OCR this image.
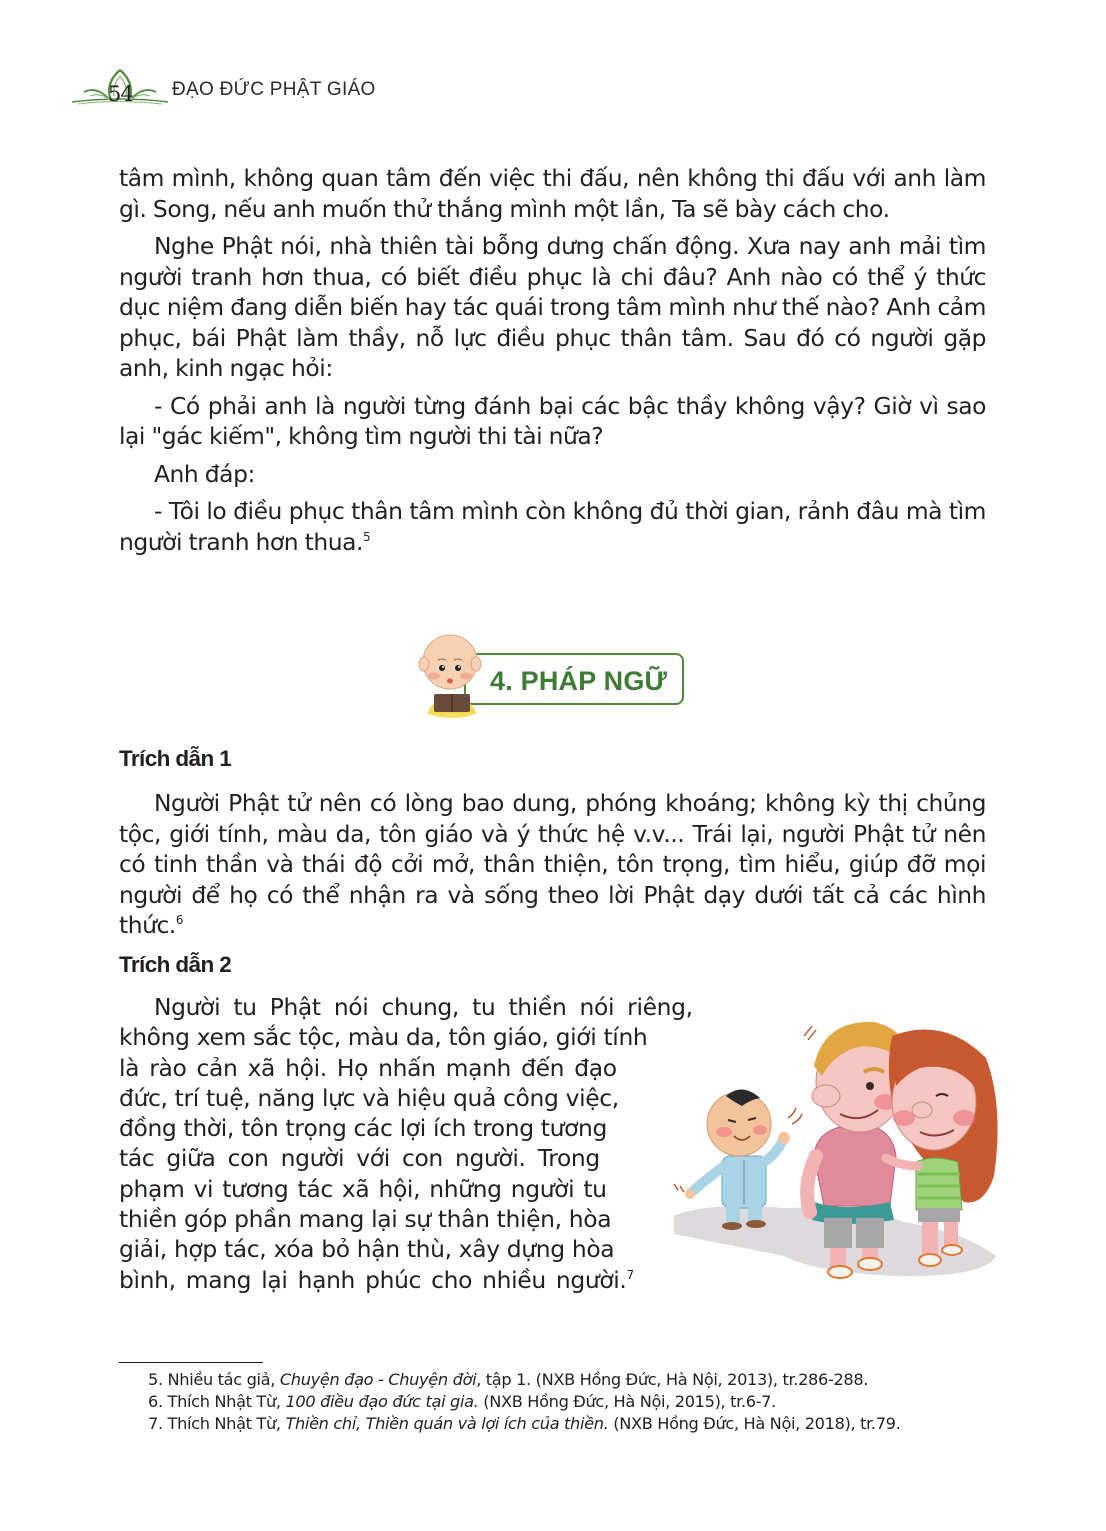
54 ĐẠO ĐỨC PHẬT GIÁO

tâm mình, không quan tâm đến việc thi đấu, nên không thi đấu với anh làm gì. Song, nếu anh muốn thử thắng mình một lần, Ta sẽ bày cách cho.

Nghe Phật nói, nhà thiên tài bỗng dưng chấn động. Xưa nay anh mải tìm người tranh hơn thua, có biết điều phục là chi đâu? Anh nào có thể ý thức dục niệm đang diễn biến hay tác quái trong tâm mình như thế nào? Anh cảm phục, bái Phật làm thầy, nỗ lực điều phục thân tâm. Sau đó có người gặp anh, kinh ngạc hỏi:

- Có phải anh là người từng đánh bại các bậc thầy không vậy? Giờ vì sao lại "gác kiếm", không tìm người thi tài nữa?

Anh đáp:

- Tôi lo điều phục thân tâm mình còn không đủ thời gian, rảnh đâu mà tìm người tranh hơn thua.$^5$

4. PHÁP NGỮ
Trích dẫn 1

Người Phật tử nên có lòng bao dung, phóng khoáng; không kỳ thị chủng tộc, giới tính, màu da, tôn giáo và ý thức hệ v.v... Trái lại, người Phật tử nên có tinh thần và thái độ cởi mở, thân thiện, tôn trọng, tìm hiểu, giúp đỡ mọi người để họ có thể nhận ra và sống theo lời Phật dạy dưới tất cả các hình thức.$^6$

Trích dẫn 2
Người tu Phật nói chung, tu thiền nói riêng,
không xem sắc tộc, màu da, tôn giáo, giới tính
là rào cản xã hội. Họ nhấn mạnh đến đạo
đức, trí tuệ, năng lực và hiệu quả công việc,
đồng thời, tôn trọng các lợi ích trong tương
tác giữa con người với con người. Trong
phạm vi tương tác xã hội, những người tu
thiền góp phần mang lại sự thân thiện, hòa
giải, hợp tác, xóa bỏ hận thù, xây dựng hòa
bình, mang lại hạnh phúc cho nhiều người.$^7$
5. Nhiều tác giả, Chuyện đạo - Chuyện đời, tập 1. (NXB Hồng Đức, Hà Nội, 2013), tr.286-288.
6. Thích Nhật Từ, 100 điều đạo đức tại gia. (NXB Hồng Đức, Hà Nội, 2015), tr.6-7.
7. Thích Nhật Từ, Thiền chỉ, Thiền quán và lợi ích của thiền. (NXB Hồng Đức, Hà Nội, 2018), tr.79.
